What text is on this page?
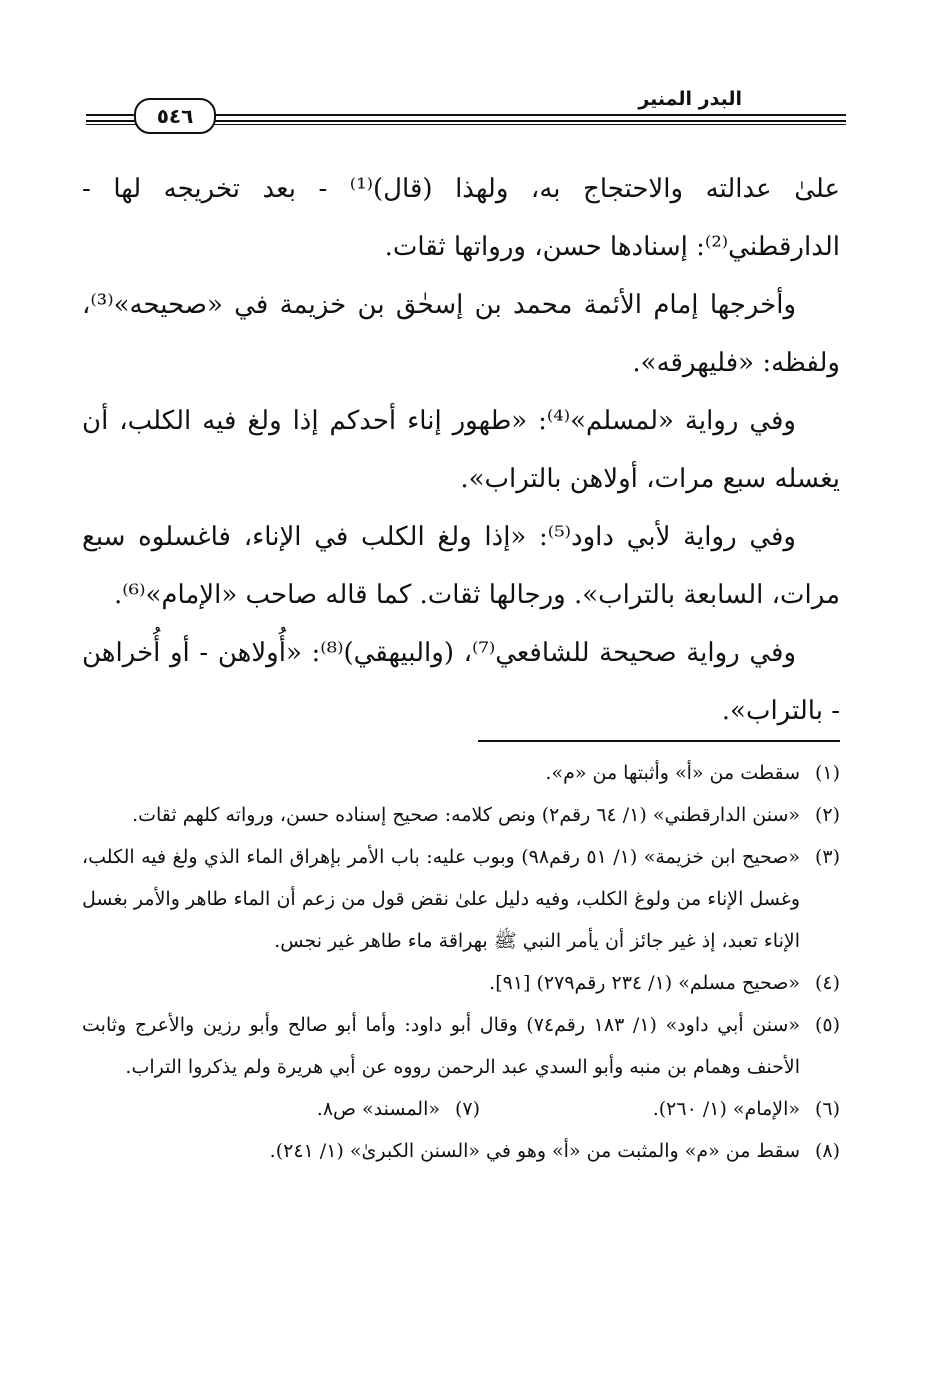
البدر المنير
٥٤٦

علىٰ عدالته والاحتجاج به، ولهذا (قال)⁽¹⁾ - بعد تخريجه لها - الدارقطني⁽²⁾: إسنادها حسن، ورواتها ثقات.

وأخرجها إمام الأئمة محمد بن إسحٰق بن خزيمة في «صحيحه»⁽³⁾، ولفظه: «فليهرقه».

وفي رواية «لمسلم»⁽⁴⁾: «طهور إناء أحدكم إذا ولغ فيه الكلب، أن يغسله سبع مرات، أولاهن بالتراب».

وفي رواية لأبي داود⁽⁵⁾: «إذا ولغ الكلب في الإناء، فاغسلوه سبع مرات، السابعة بالتراب». ورجالها ثقات. كما قاله صاحب «الإمام»⁽⁶⁾.

وفي رواية صحيحة للشافعي⁽⁷⁾، (والبيهقي)⁽⁸⁾: «أُولاهن - أو أُخراهن - بالتراب».

(١)
سقطت من «أ» وأثبتها من «م».

(٢)
«سنن الدارقطني» (١/ ٦٤ رقم٢) ونص كلامه: صحيح إسناده حسن، ورواته كلهم ثقات.

(٣)
«صحيح ابن خزيمة» (١/ ٥١ رقم٩٨) وبوب عليه: باب الأمر بإهراق الماء الذي ولغ فيه الكلب، وغسل الإناء من ولوغ الكلب، وفيه دليل علىٰ نقض قول من زعم أن الماء طاهر والأمر بغسل الإناء تعبد، إذ غير جائز أن يأمر النبي ﷺ بهراقة ماء طاهر غير نجس.

(٤)
«صحيح مسلم» (١/ ٢٣٤ رقم٢٧٩) [٩١].

(٥)
«سنن أبي داود» (١/ ١٨٣ رقم٧٤) وقال أبو داود: وأما أبو صالح وأبو رزين والأعرج وثابت الأحنف وهمام بن منبه وأبو السدي عبد الرحمن رووه عن أبي هريرة ولم يذكروا التراب.

(٦)
«الإمام» (١/ ٢٦٠).
(٧)
«المسند» ص٨.

(٨)
سقط من «م» والمثبت من «أ» وهو في «السنن الكبرىٰ» (١/ ٢٤١).
